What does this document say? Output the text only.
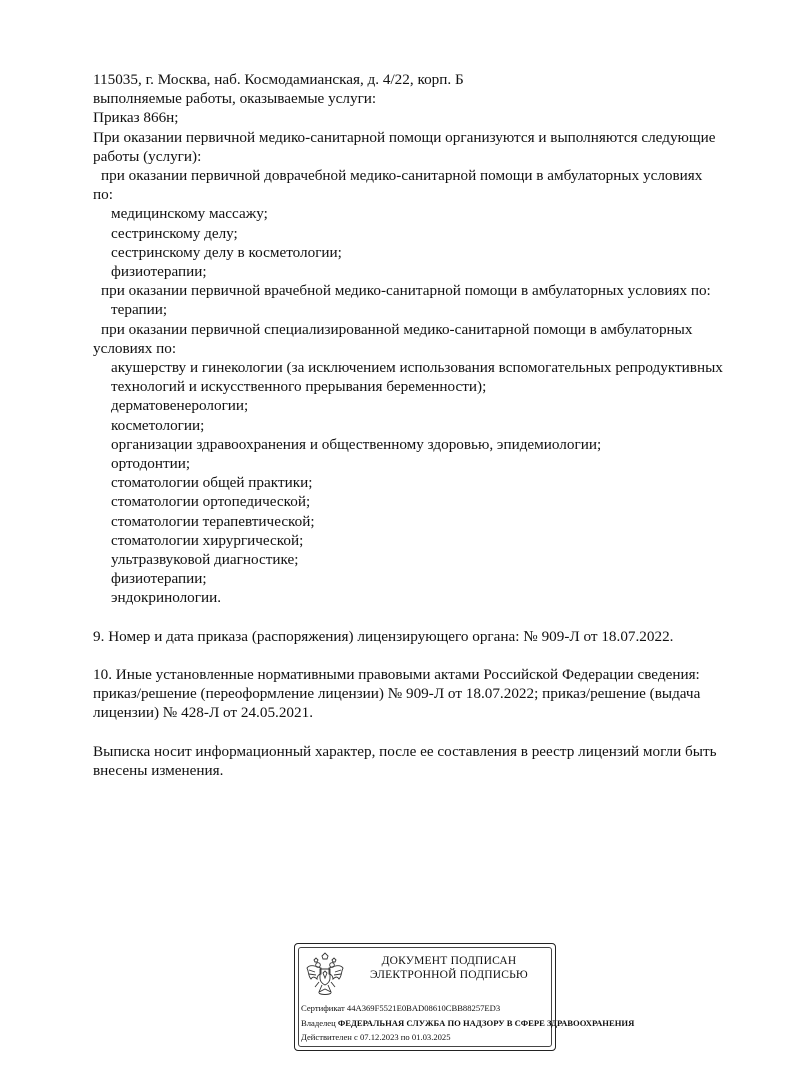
115035, г. Москва, наб. Космодамианская, д. 4/22, корп. Б
выполняемые работы, оказываемые услуги:
Приказ 866н;
При оказании первичной медико-санитарной помощи организуются и выполняются следующие
работы (услуги):
при оказании первичной доврачебной медико-санитарной помощи в амбулаторных условиях
по:
медицинскому массажу;
сестринскому делу;
сестринскому делу в косметологии;
физиотерапии;
при оказании первичной врачебной медико-санитарной помощи в амбулаторных условиях по:
терапии;
при оказании первичной специализированной медико-санитарной помощи в амбулаторных
условиях по:
акушерству и гинекологии (за исключением использования вспомогательных репродуктивных
технологий и искусственного прерывания беременности);
дерматовенерологии;
косметологии;
организации здравоохранения и общественному здоровью, эпидемиологии;
ортодонтии;
стоматологии общей практики;
стоматологии ортопедической;
стоматологии терапевтической;
стоматологии хирургической;
ультразвуковой диагностике;
физиотерапии;
эндокринологии.
9. Номер и дата приказа (распоряжения) лицензирующего органа: № 909-Л от 18.07.2022.
10. Иные установленные нормативными правовыми актами Российской Федерации сведения:
приказ/решение (переоформление лицензии) № 909-Л от 18.07.2022; приказ/решение (выдача
лицензии) № 428-Л от 24.05.2021.
Выписка носит информационный характер, после ее составления в реестр лицензий могли быть
внесены изменения.
ДОКУМЕНТ ПОДПИСАН
ЭЛЕКТРОННОЙ ПОДПИСЬЮ
Сертификат 44A369F5521E0BAD08610CBB88257ED3
Владелец ФЕДЕРАЛЬНАЯ СЛУЖБА ПО НАДЗОРУ В СФЕРЕ ЗДРАВООХРАНЕНИЯ
Действителен с 07.12.2023 по 01.03.2025
